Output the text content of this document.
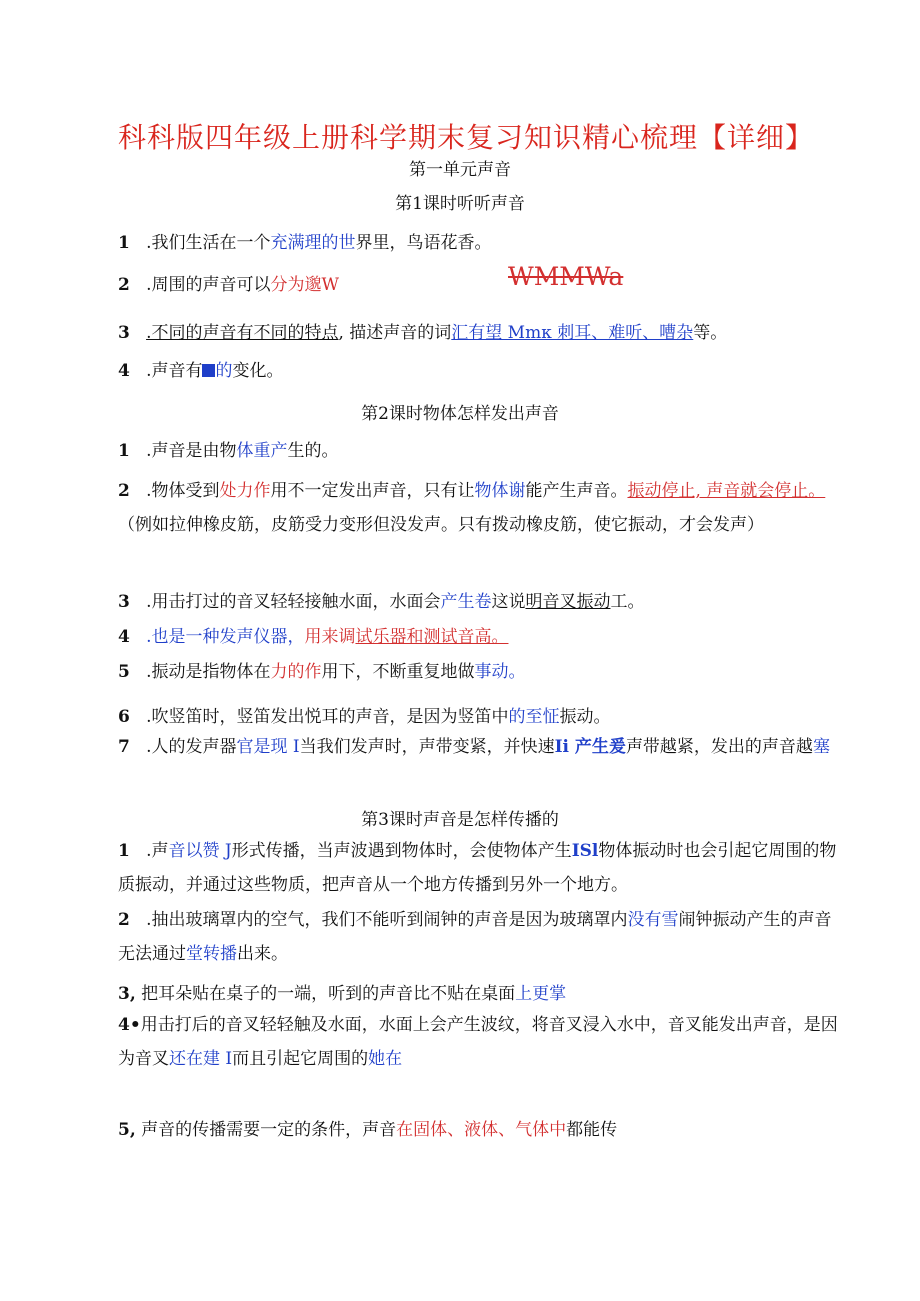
科科版四年级上册科学期末复习知识精心梳理【详细】
第一单元声音
第1课时听听声音
1 .我们生活在一个充满理的世界里，鸟语花香。
2 .周围的声音可以分为邈W	WMMWa
3 .不同的声音有不同的特点, 描述声音的词汇有望 Mmк 刺耳、难听、嘈杂等。
4 .声音有 的变化。
第2课时物体怎样发出声音
1 .声音是由物体重产生的。
2 .物体受到处力作用不一定发出声音，只有让物体谢能产生声音。振动停止, 声音就会停止。（例如拉伸橡皮筋，皮筋受力变形但没发声。只有拨动橡皮筋，使它振动，才会发声）
3 .用击打过的音叉轻轻接触水面，水面会产生卷这说明音叉振动工。
4 .也是一种发声仪器，用来调试乐器和测试音高。
5 .振动是指物体在力的作用下，不断重复地做事动。
6 .吹竖笛时，竖笛发出悦耳的声音，是因为竖笛中的至怔振动。
7 .人的发声器官是现 I当我们发声时，声带变紧，并快速Ii 产生爰声带越紧，发出的声音越塞
第3课时声音是怎样传播的
1 .声音以赞 J形式传播，当声波遇到物体时，会使物体产生ISl物体振动时也会引起它周围的物质振动，并通过这些物质，把声音从一个地方传播到另外一个地方。
2 .抽出玻璃罩内的空气，我们不能听到闹钟的声音是因为玻璃罩内没有雪闹钟振动产生的声音无法通过堂转播出来。
3, 把耳朵贴在桌子的一端，听到的声音比不贴在桌面上更掌
4•用击打后的音叉轻轻触及水面，水面上会产生波纹，将音叉浸入水中，音叉能发出声音，是因为音叉还在建 I而且引起它周围的她在
5, 声音的传播需要一定的条件，声音在固体、液体、气体中都能传
